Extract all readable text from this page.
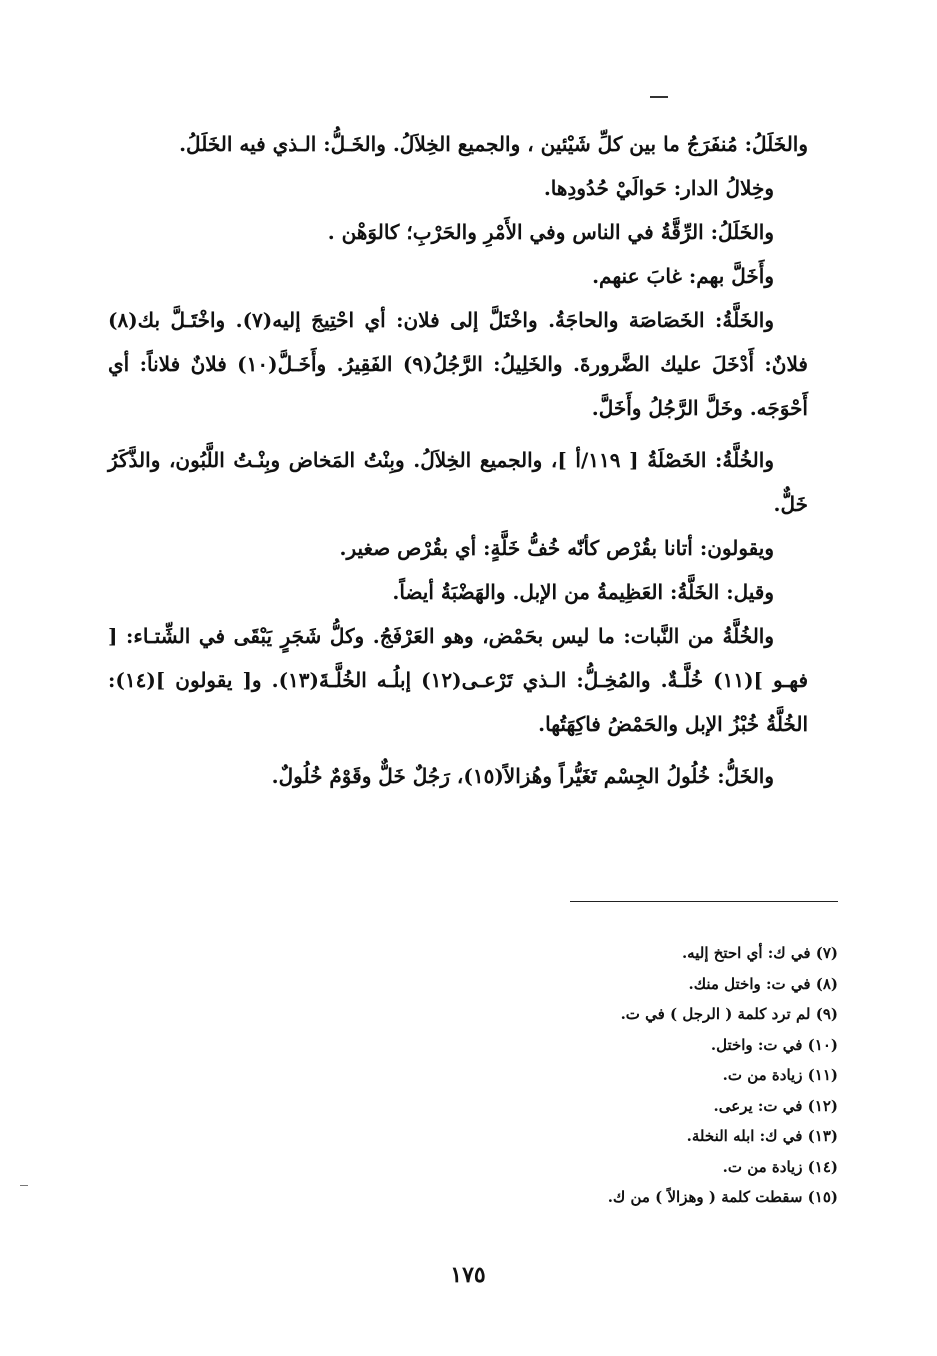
والخَلَلُ: مُنفَرَجُ ما بين كلِّ شَيْئين ، والجميع الخِلاَلُ. والخَـلُّ: الـذي فيه الخَلَلُ.

وخِلالُ الدار: حَوالَيْ حُدُودِها.

والخَلَلُ: الرِّقَّةُ في الناس وفي الأَمْرِ والحَرْبِ؛ كالوَهْن .

وأَخَلَّ بهم: غابَ عنهم.

والخَلَّةُ: الخَصَاصَة والحاجَةُ. واخْتَلَّ إلى فلان: أي احْتِيجَ إليه(٧). واخْتَـلَّ بك(٨) فلانٌ: أَدْخَلَ عليك الضَّرورةَ. والخَلِيلُ: الرَّجُلُ(٩) الفَقِيرُ. وأَخَـلَّ(١٠) فلانٌ فلاناً: أي أَحْوَجَه. وخَلَّ الرَّجُلُ وأَخَلَّ.

والخُلَّةُ: الخَصْلَةُ [ ١١٩/أ ]، والجميع الخِلاَلُ. وبِنْتُ المَخاض وبِنْـتُ اللَّبُون، والذَّكَرُ خَلٌّ.

ويقولون: أتانا بقُرْص كأنّه خُفُّ خَلَّةٍ: أي بقُرْص صغير.

وقيل: الخَلَّةُ: العَظِيمةُ من الإبل. والهَضْبَةُ أيضاً.

والخُلَّةُ من النَّبات: ما ليس بحَمْض، وهو العَرْفَجُ. وكلُّ شَجَرٍ يَبْقَى في الشِّتـاء: [ فهـو ](١١) خُلَّـةٌ. والمُخِـلُّ: الـذي تَرْعـى(١٢) إبلُـه الخُلَّـةَ(١٣). و[ يقولون ](١٤): الخُلَّةُ خُبْزُ الإبل والحَمْضُ فاكِهَتُها.

والخَلُّ: خُلُولُ الجِسْم تَغَيُّراً وهُزالاً(١٥)، رَجُلٌ خَلٌّ وقَوْمٌ خُلُولٌ.

(٧) في ك: أي احتخ إليه.
(٨) في ت: واختل منك.
(٩) لم ترد كلمة ( الرجل ) في ت.
(١٠) في ت: واختل.
(١١) زيادة من ت.
(١٢) في ت: يرعى.
(١٣) في ك: ابله النخلة.
(١٤) زيادة من ت.
(١٥) سقطت كلمة ( وهزالاً ) من ك.
١٧٥
